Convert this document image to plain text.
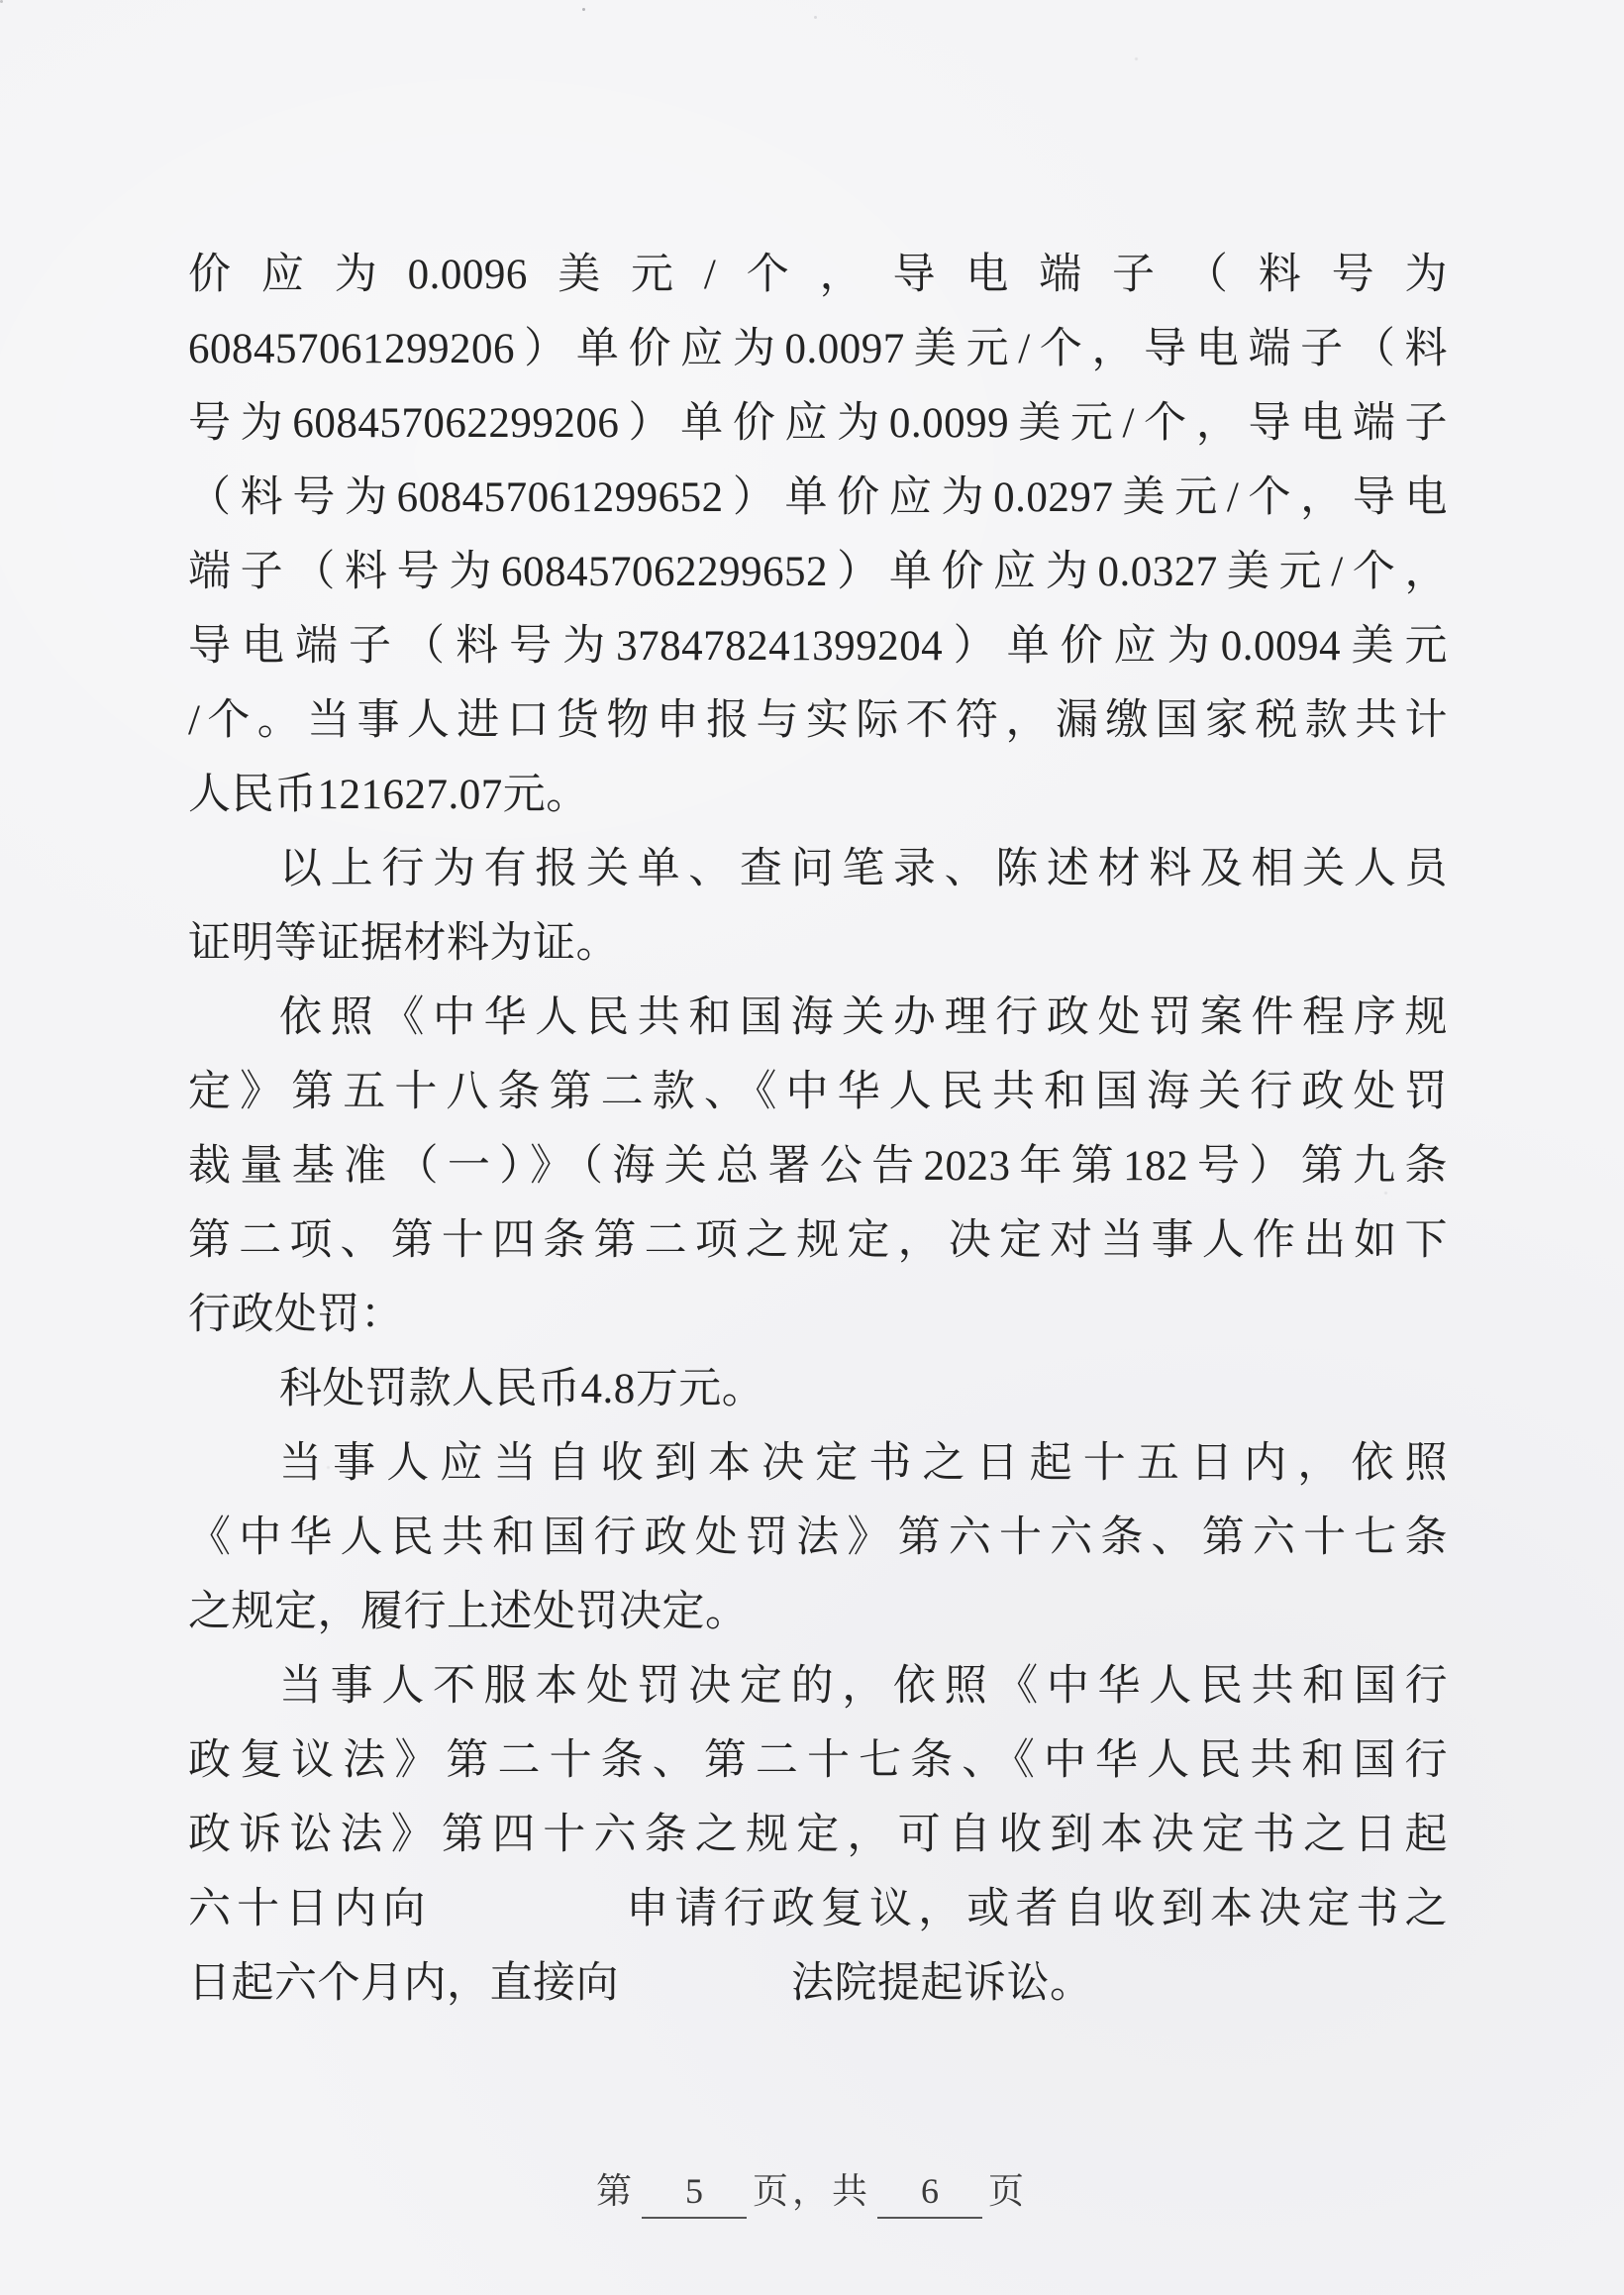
价应为0.0096美元/个，导电端子（料号为
608457061299206）单价应为0.0097美元/个，导电端子（料
号为608457062299206）单价应为0.0099美元/个，导电端子
（料号为608457061299652）单价应为0.0297美元/个，导电
端子（料号为608457062299652）单价应为0.0327美元/个，
导电端子（料号为378478241399204）单价应为0.0094美元
/个。当事人进口货物申报与实际不符，漏缴国家税款共计
人民币121627.07元。
以上行为有报关单、查问笔录、陈述材料及相关人员
证明等证据材料为证。
依照《中华人民共和国海关办理行政处罚案件程序规
定》第五十八条第二款、《中华人民共和国海关行政处罚
裁量基准（一）》（海关总署公告2023年第182号）第九条
第二项、第十四条第二项之规定，决定对当事人作出如下
行政处罚：
科处罚款人民币4.8万元。
当事人应当自收到本决定书之日起十五日内，依照
《中华人民共和国行政处罚法》第六十六条、第六十七条
之规定，履行上述处罚决定。
当事人不服本处罚决定的，依照《中华人民共和国行
政复议法》第二十条、第二十七条、《中华人民共和国行
政诉讼法》第四十六条之规定，可自收到本决定书之日起
六十日内向　　　　申请行政复议，或者自收到本决定书之
日起六个月内，直接向　　　　法院提起诉讼。
第 5 页，共 6 页
